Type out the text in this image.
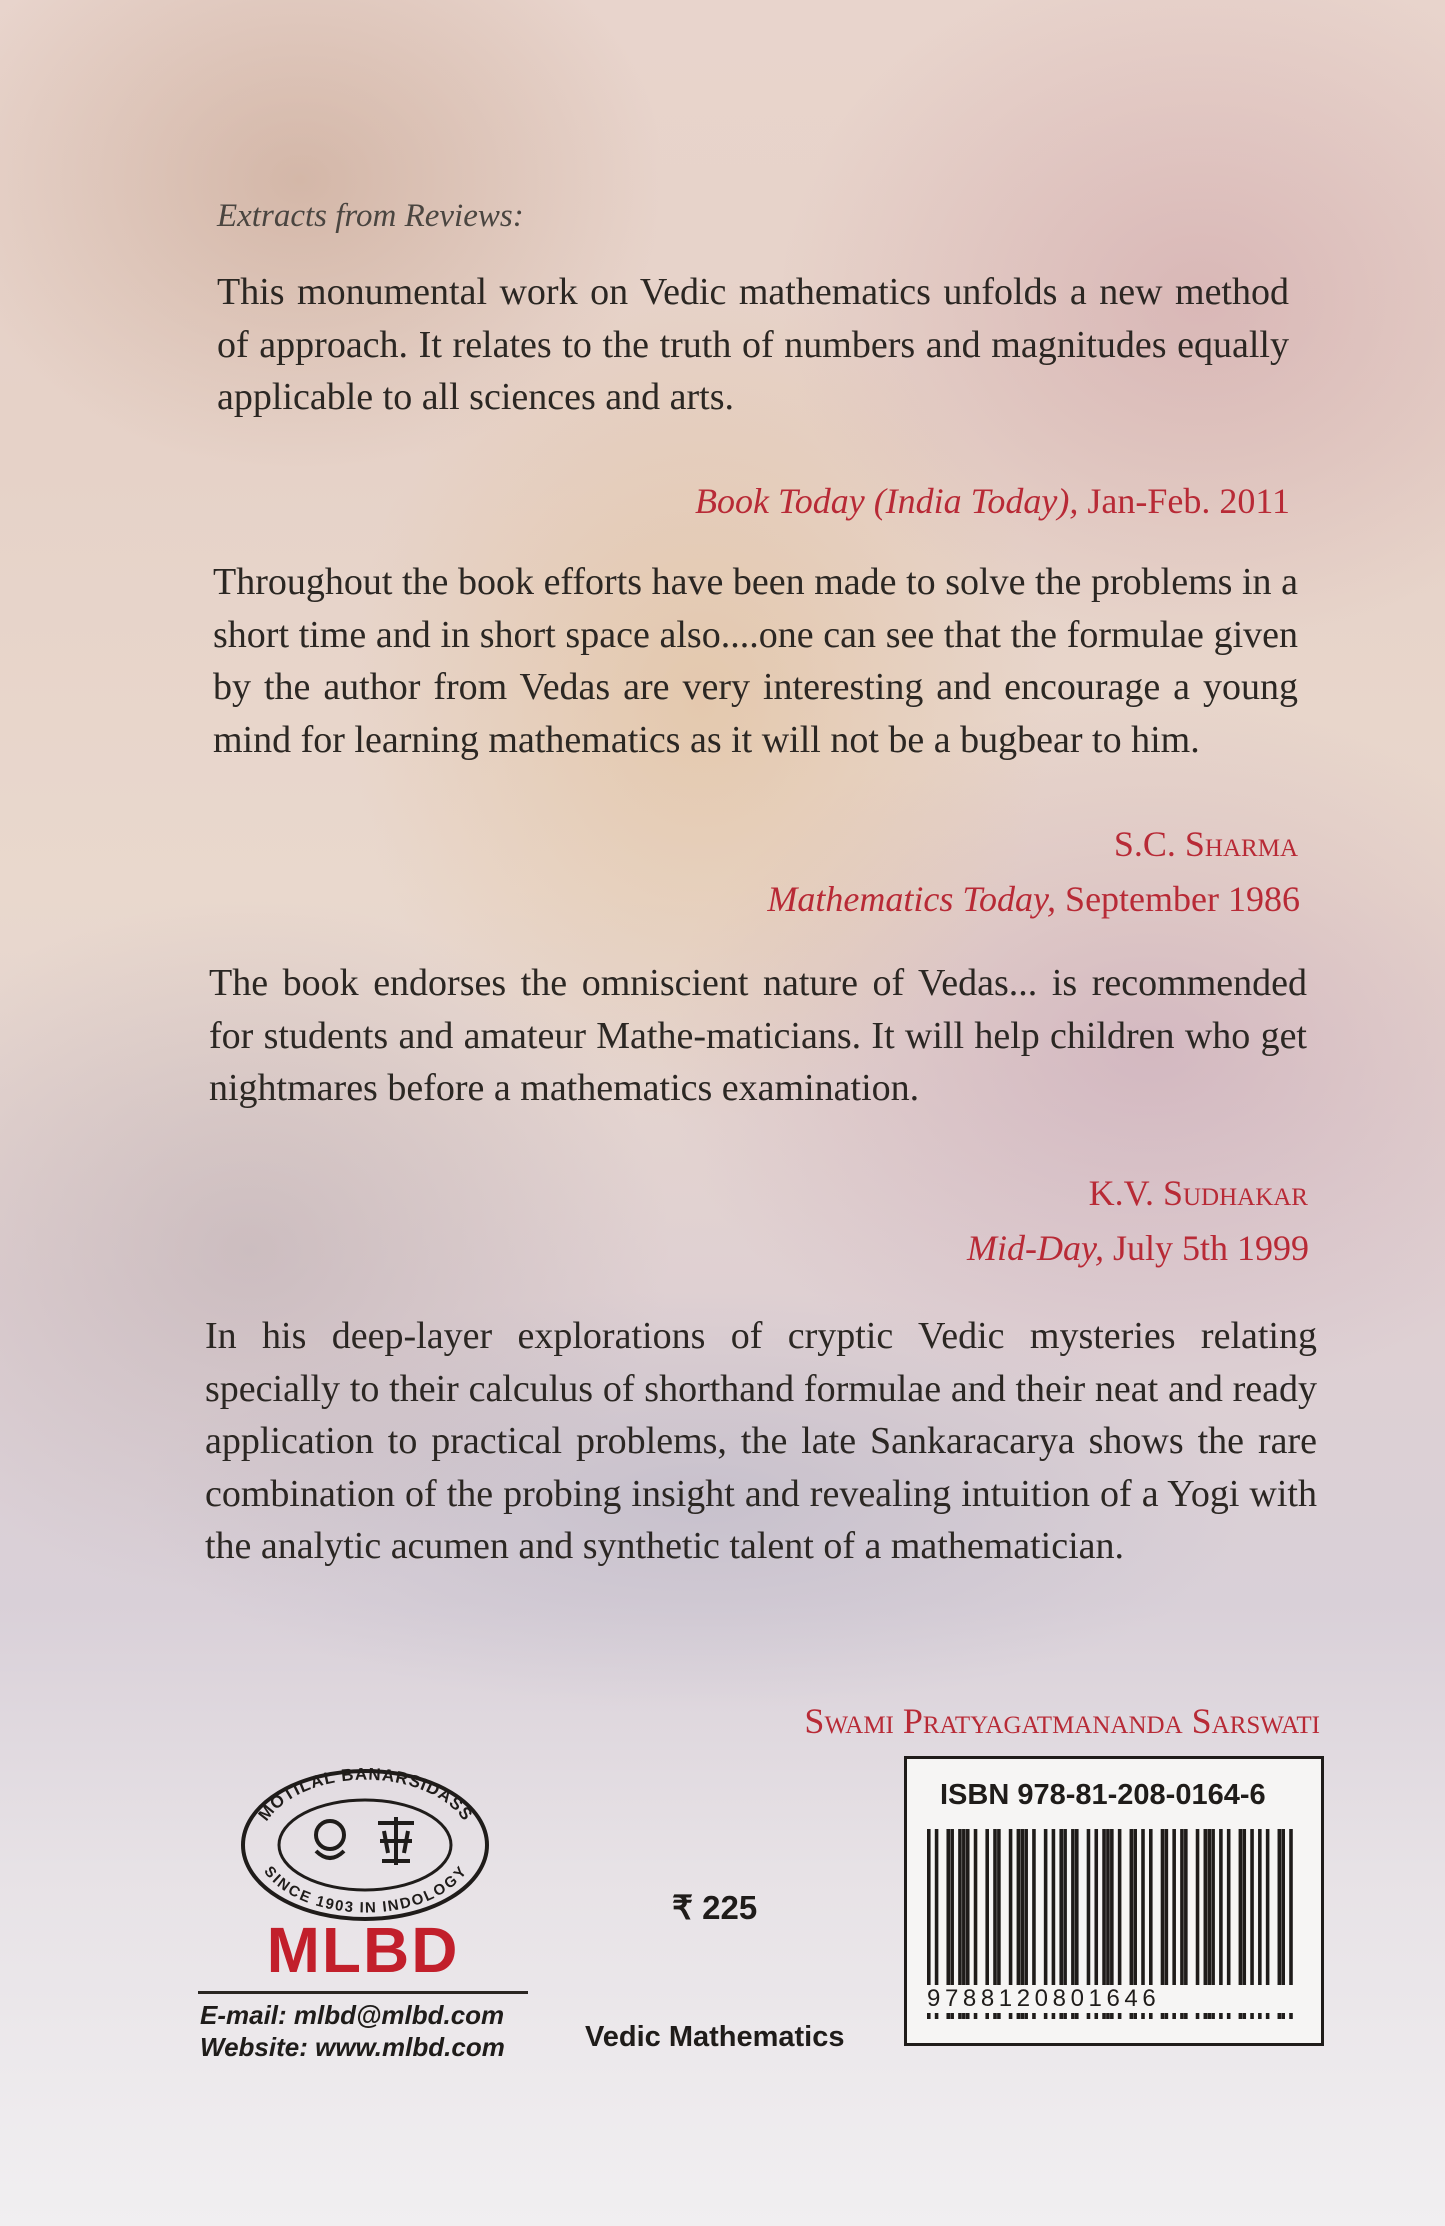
Extracts from Reviews:

This monumental work on Vedic mathematics unfolds a new method of approach. It relates to the truth of numbers and magnitudes equally applicable to all sciences and arts.

Book Today (India Today), Jan-Feb. 2011

Throughout the book efforts have been made to solve the problems in a short time and in short space also....one can see that the formulae given by the author from Vedas are very interesting and encourage a young mind for learning mathematics as it will not be a bugbear to him.

S.C. Sharma

Mathematics Today, September 1986

The book endorses the omniscient nature of Vedas... is recommended for students and amateur Mathe-maticians. It will help children who get nightmares before a mathematics examination.

K.V. Sudhakar

Mid-Day, July 5th 1999

In his deep-layer explorations of cryptic Vedic mysteries relating specially to their calculus of shorthand formulae and their neat and ready application to practical problems, the late Sankaracarya shows the rare combination of the probing insight and revealing intuition of a Yogi with the analytic acumen and synthetic talent of a mathematician.

Swami Pratyagatmananda Sarswati

MOTILAL BANARSIDASS
SINCE 1903 IN INDOLOGY

MLBD

E-mail: mlbd@mlbd.com

Website: www.mlbd.com

₹ 225

Vedic Mathematics

ISBN 978-81-208-0164-6

9788120801646
